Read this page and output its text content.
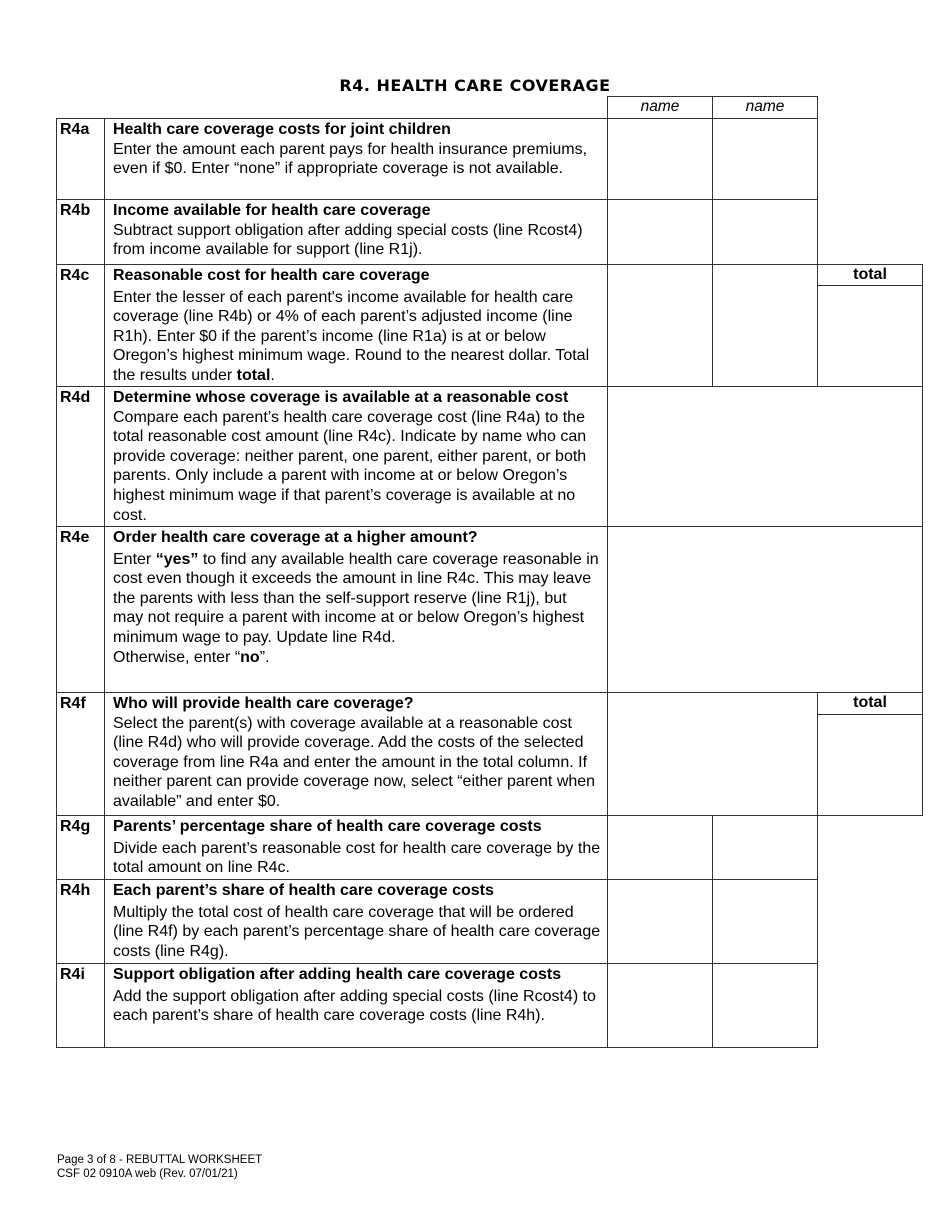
R4. HEALTH CARE COVERAGE
name	name
R4a	Health care coverage costs for joint children
Enter the amount each parent pays for health insurance premiums, even if $0. Enter “none” if appropriate coverage is not available.
R4b	Income available for health care coverage
Subtract support obligation after adding special costs (line Rcost4) from income available for support (line R1j).
R4c	Reasonable cost for health care coverage
Enter the lesser of each parent's income available for health care coverage (line R4b) or 4% of each parent’s adjusted income (line R1h). Enter $0 if the parent’s income (line R1a) is at or below Oregon’s highest minimum wage. Round to the nearest dollar. Total the results under total.
total
R4d	Determine whose coverage is available at a reasonable cost
Compare each parent’s health care coverage cost (line R4a) to the total reasonable cost amount (line R4c). Indicate by name who can provide coverage: neither parent, one parent, either parent, or both parents. Only include a parent with income at or below Oregon’s highest minimum wage if that parent’s coverage is available at no cost.
R4e	Order health care coverage at a higher amount?
Enter “yes” to find any available health care coverage reasonable in cost even though it exceeds the amount in line R4c. This may leave the parents with less than the self-support reserve (line R1j), but may not require a parent with income at or below Oregon’s highest minimum wage to pay. Update line R4d.
Otherwise, enter “no”.
R4f	Who will provide health care coverage?
Select the parent(s) with coverage available at a reasonable cost (line R4d) who will provide coverage. Add the costs of the selected coverage from line R4a and enter the amount in the total column. If neither parent can provide coverage now, select “either parent when available” and enter $0.
total
R4g	Parents’ percentage share of health care coverage costs
Divide each parent’s reasonable cost for health care coverage by the total amount on line R4c.
R4h	Each parent’s share of health care coverage costs
Multiply the total cost of health care coverage that will be ordered (line R4f) by each parent’s percentage share of health care coverage costs (line R4g).
R4i	Support obligation after adding health care coverage costs
Add the support obligation after adding special costs (line Rcost4) to each parent’s share of health care coverage costs (line R4h).
Page 3 of 8 - REBUTTAL WORKSHEET
CSF 02 0910A web (Rev. 07/01/21)
